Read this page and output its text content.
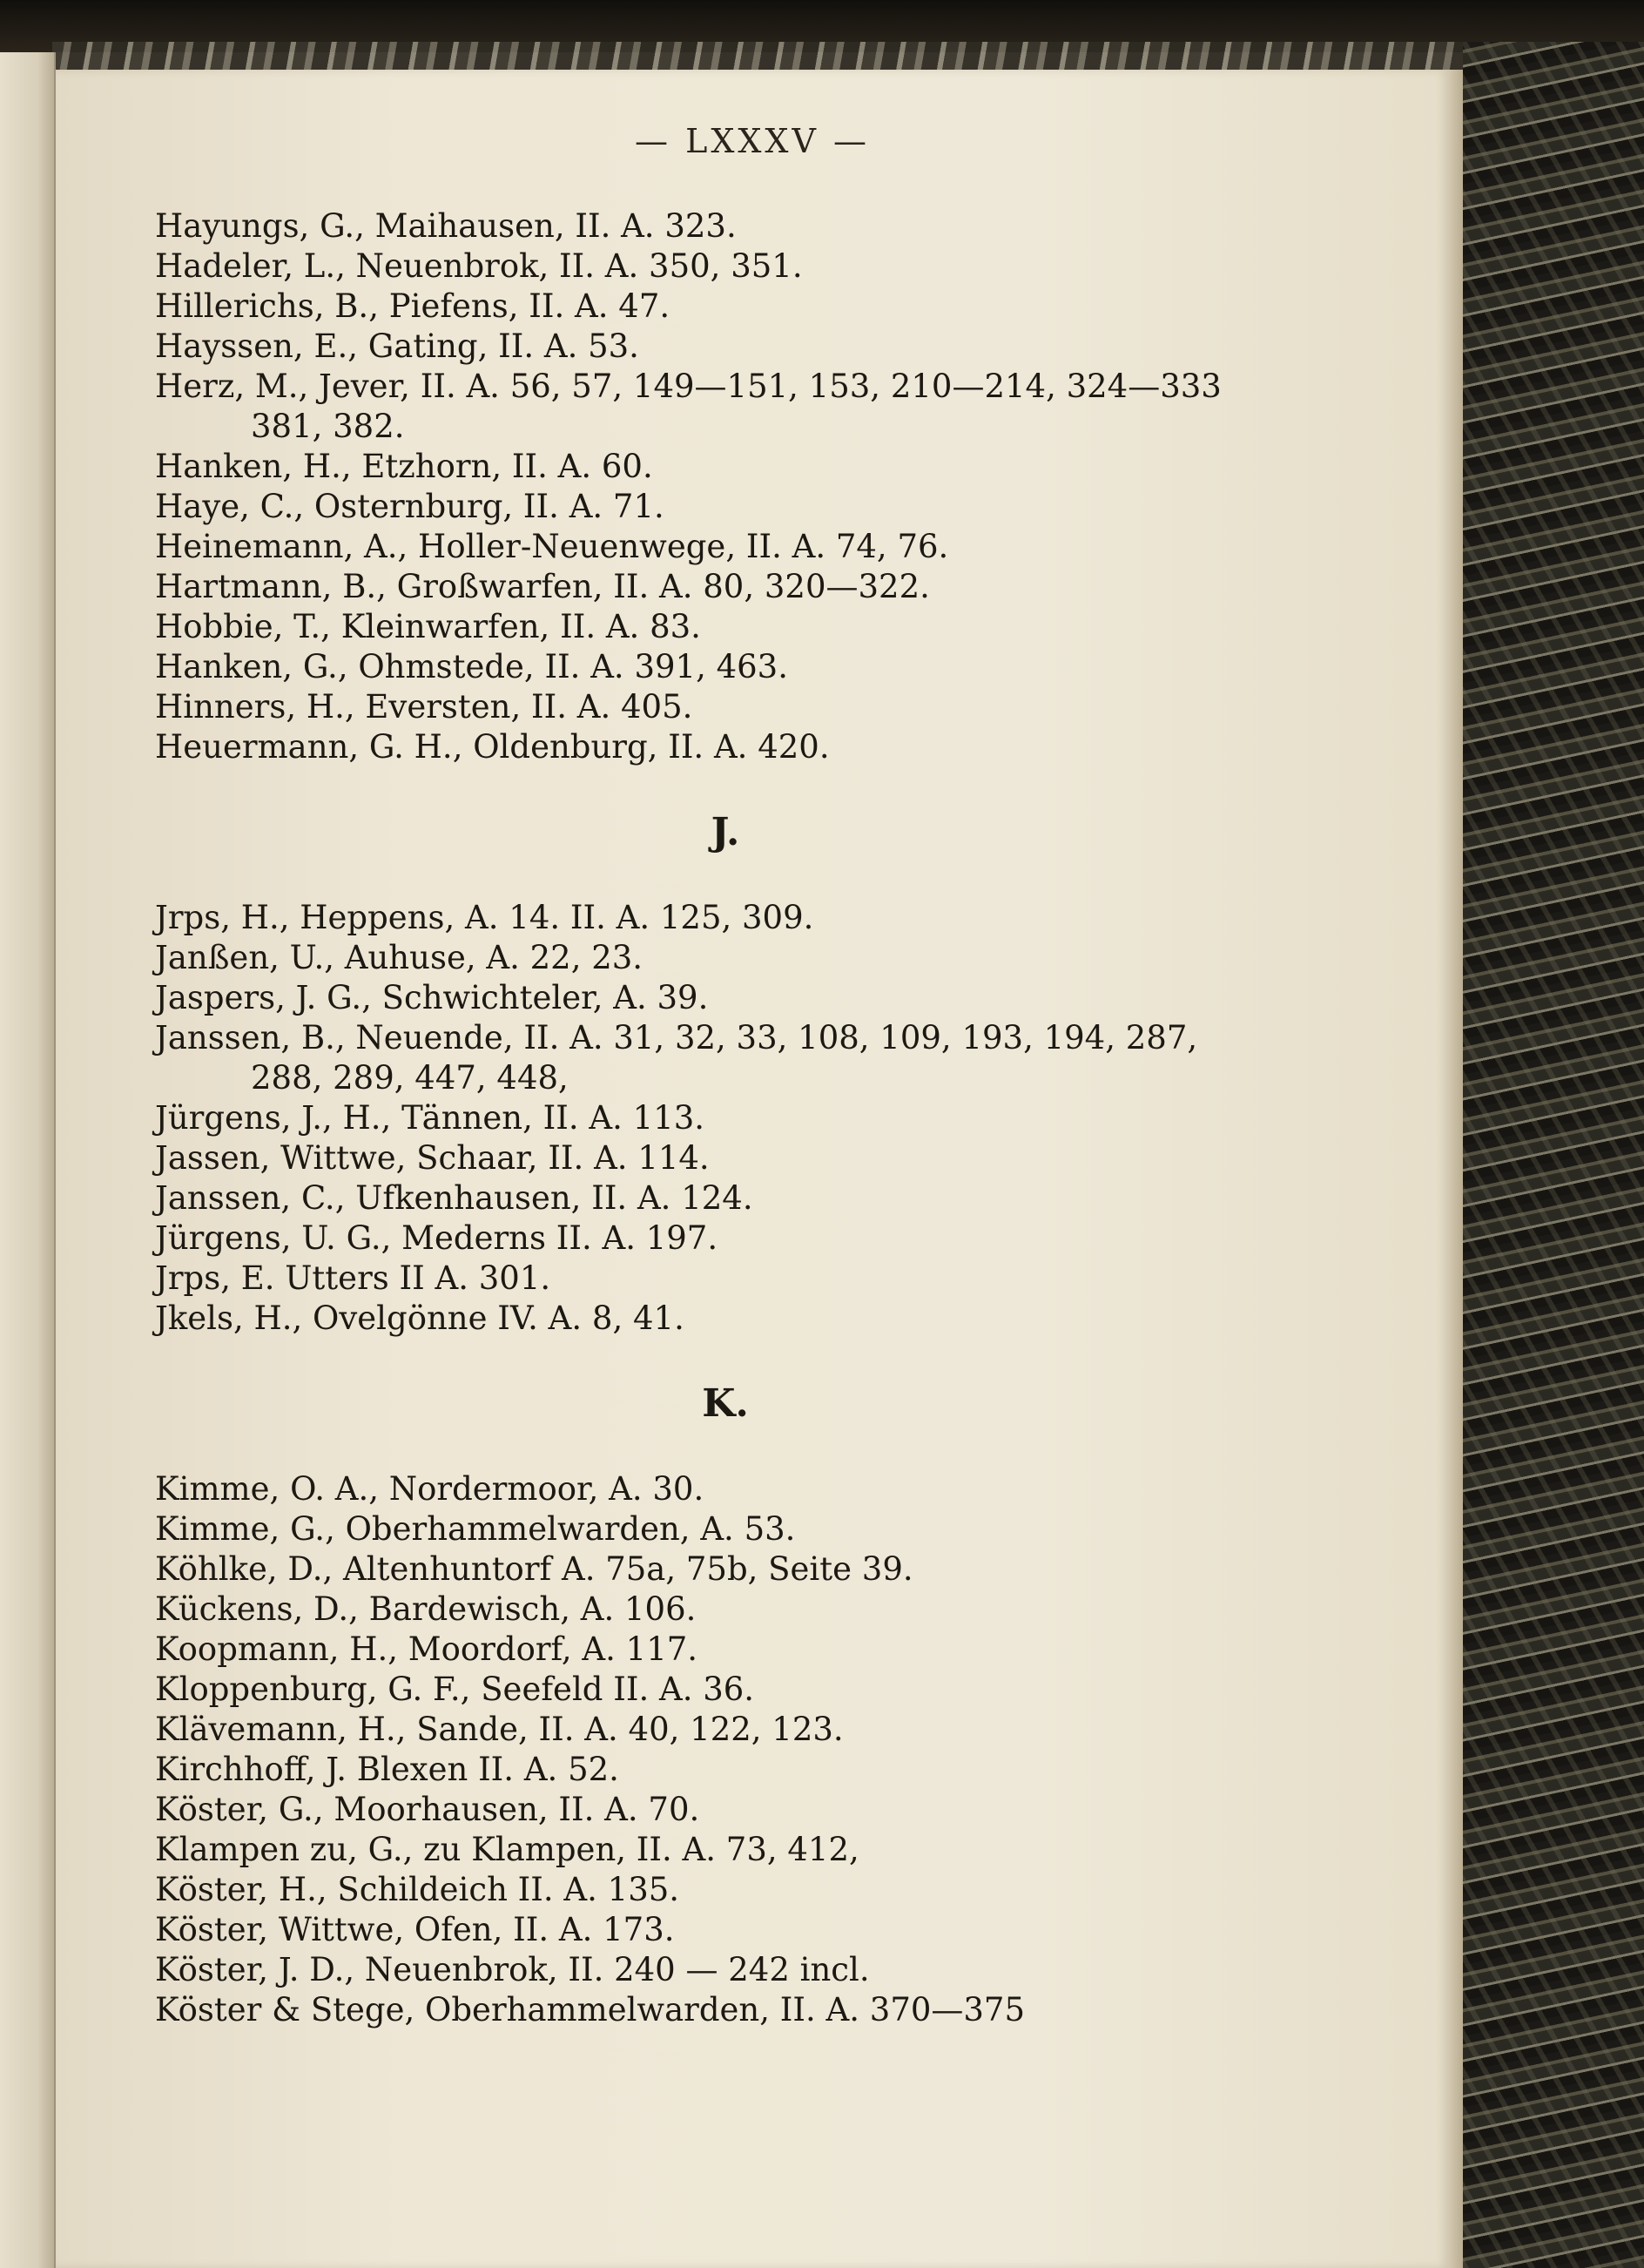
— LXXXV —
Hayungs, G., Maihausen, II. A. 323.
Hadeler, L., Neuenbrok, II. A. 350, 351.
Hillerichs, B., Piefens, II. A. 47.
Hayssen, E., Gating, II. A. 53.
Herz, M., Jever, II. A. 56, 57, 149—151, 153, 210—214, 324—333
381, 382.
Hanken, H., Etzhorn, II. A. 60.
Haye, C., Osternburg, II. A. 71.
Heinemann, A., Holler-Neuenwege, II. A. 74, 76.
Hartmann, B., Großwarfen, II. A. 80, 320—322.
Hobbie, T., Kleinwarfen, II. A. 83.
Hanken, G., Ohmstede, II. A. 391, 463.
Hinners, H., Eversten, II. A. 405.
Heuermann, G. H., Oldenburg, II. A. 420.
J.
Jrps, H., Heppens, A. 14. II. A. 125, 309.
Janßen, U., Auhuse, A. 22, 23.
Jaspers, J. G., Schwichteler, A. 39.
Janssen, B., Neuende, II. A. 31, 32, 33, 108, 109, 193, 194, 287,
288, 289, 447, 448,
Jürgens, J., H., Tännen, II. A. 113.
Jassen, Wittwe, Schaar, II. A. 114.
Janssen, C., Ufkenhausen, II. A. 124.
Jürgens, U. G., Mederns II. A. 197.
Jrps, E. Utters II A. 301.
Jkels, H., Ovelgönne IV. A. 8, 41.
K.
Kimme, O. A., Nordermoor, A. 30.
Kimme, G., Oberhammelwarden, A. 53.
Köhlke, D., Altenhuntorf A. 75a, 75b, Seite 39.
Kückens, D., Bardewisch, A. 106.
Koopmann, H., Moordorf, A. 117.
Kloppenburg, G. F., Seefeld II. A. 36.
Klävemann, H., Sande, II. A. 40, 122, 123.
Kirchhoff, J. Blexen II. A. 52.
Köster, G., Moorhausen, II. A. 70.
Klampen zu, G., zu Klampen, II. A. 73, 412,
Köster, H., Schildeich II. A. 135.
Köster, Wittwe, Ofen, II. A. 173.
Köster, J. D., Neuenbrok, II. 240 — 242 incl.
Köster & Stege, Oberhammelwarden, II. A. 370—375
